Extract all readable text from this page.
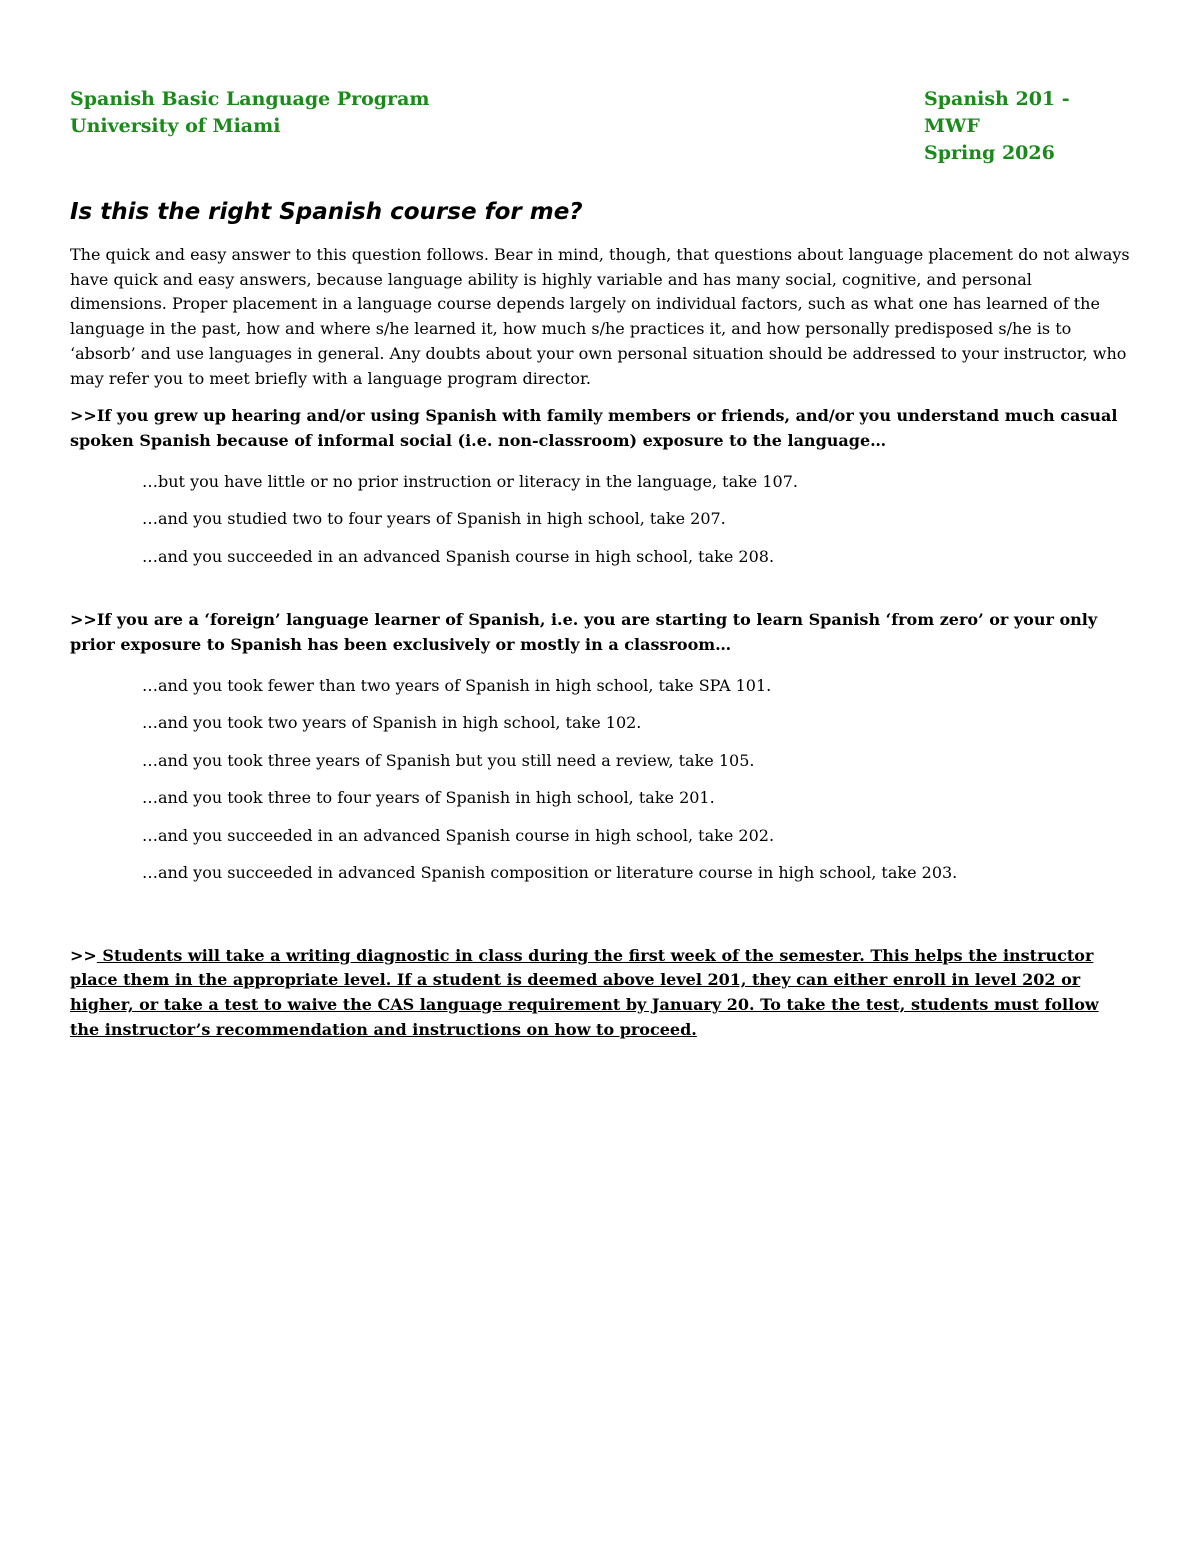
Spanish Basic Language Program
University of Miami
Spanish 201 - MWF
Spring 2026
Is this the right Spanish course for me?
The quick and easy answer to this question follows. Bear in mind, though, that questions about language placement do not always have quick and easy answers, because language ability is highly variable and has many social, cognitive, and personal dimensions. Proper placement in a language course depends largely on individual factors, such as what one has learned of the language in the past, how and where s/he learned it, how much s/he practices it, and how personally predisposed s/he is to ‘absorb’ and use languages in general. Any doubts about your own personal situation should be addressed to your instructor, who may refer you to meet briefly with a language program director.
>>If you grew up hearing and/or using Spanish with family members or friends, and/or you understand much casual spoken Spanish because of informal social (i.e. non-classroom) exposure to the language…
…but you have little or no prior instruction or literacy in the language, take 107.
…and you studied two to four years of Spanish in high school, take 207.
…and you succeeded in an advanced Spanish course in high school, take 208.
>>If you are a ‘foreign’ language learner of Spanish, i.e. you are starting to learn Spanish ‘from zero’ or your only prior exposure to Spanish has been exclusively or mostly in a classroom…
…and you took fewer than two years of Spanish in high school, take SPA 101.
…and you took two years of Spanish in high school, take 102.
…and you took three years of Spanish but you still need a review, take 105.
…and you took three to four years of Spanish in high school, take 201.
…and you succeeded in an advanced Spanish course in high school, take 202.
…and you succeeded in advanced Spanish composition or literature course in high school, take 203.
>> Students will take a writing diagnostic in class during the first week of the semester. This helps the instructor place them in the appropriate level. If a student is deemed above level 201, they can either enroll in level 202 or higher, or take a test to waive the CAS language requirement by January 20. To take the test, students must follow the instructor’s recommendation and instructions on how to proceed.
